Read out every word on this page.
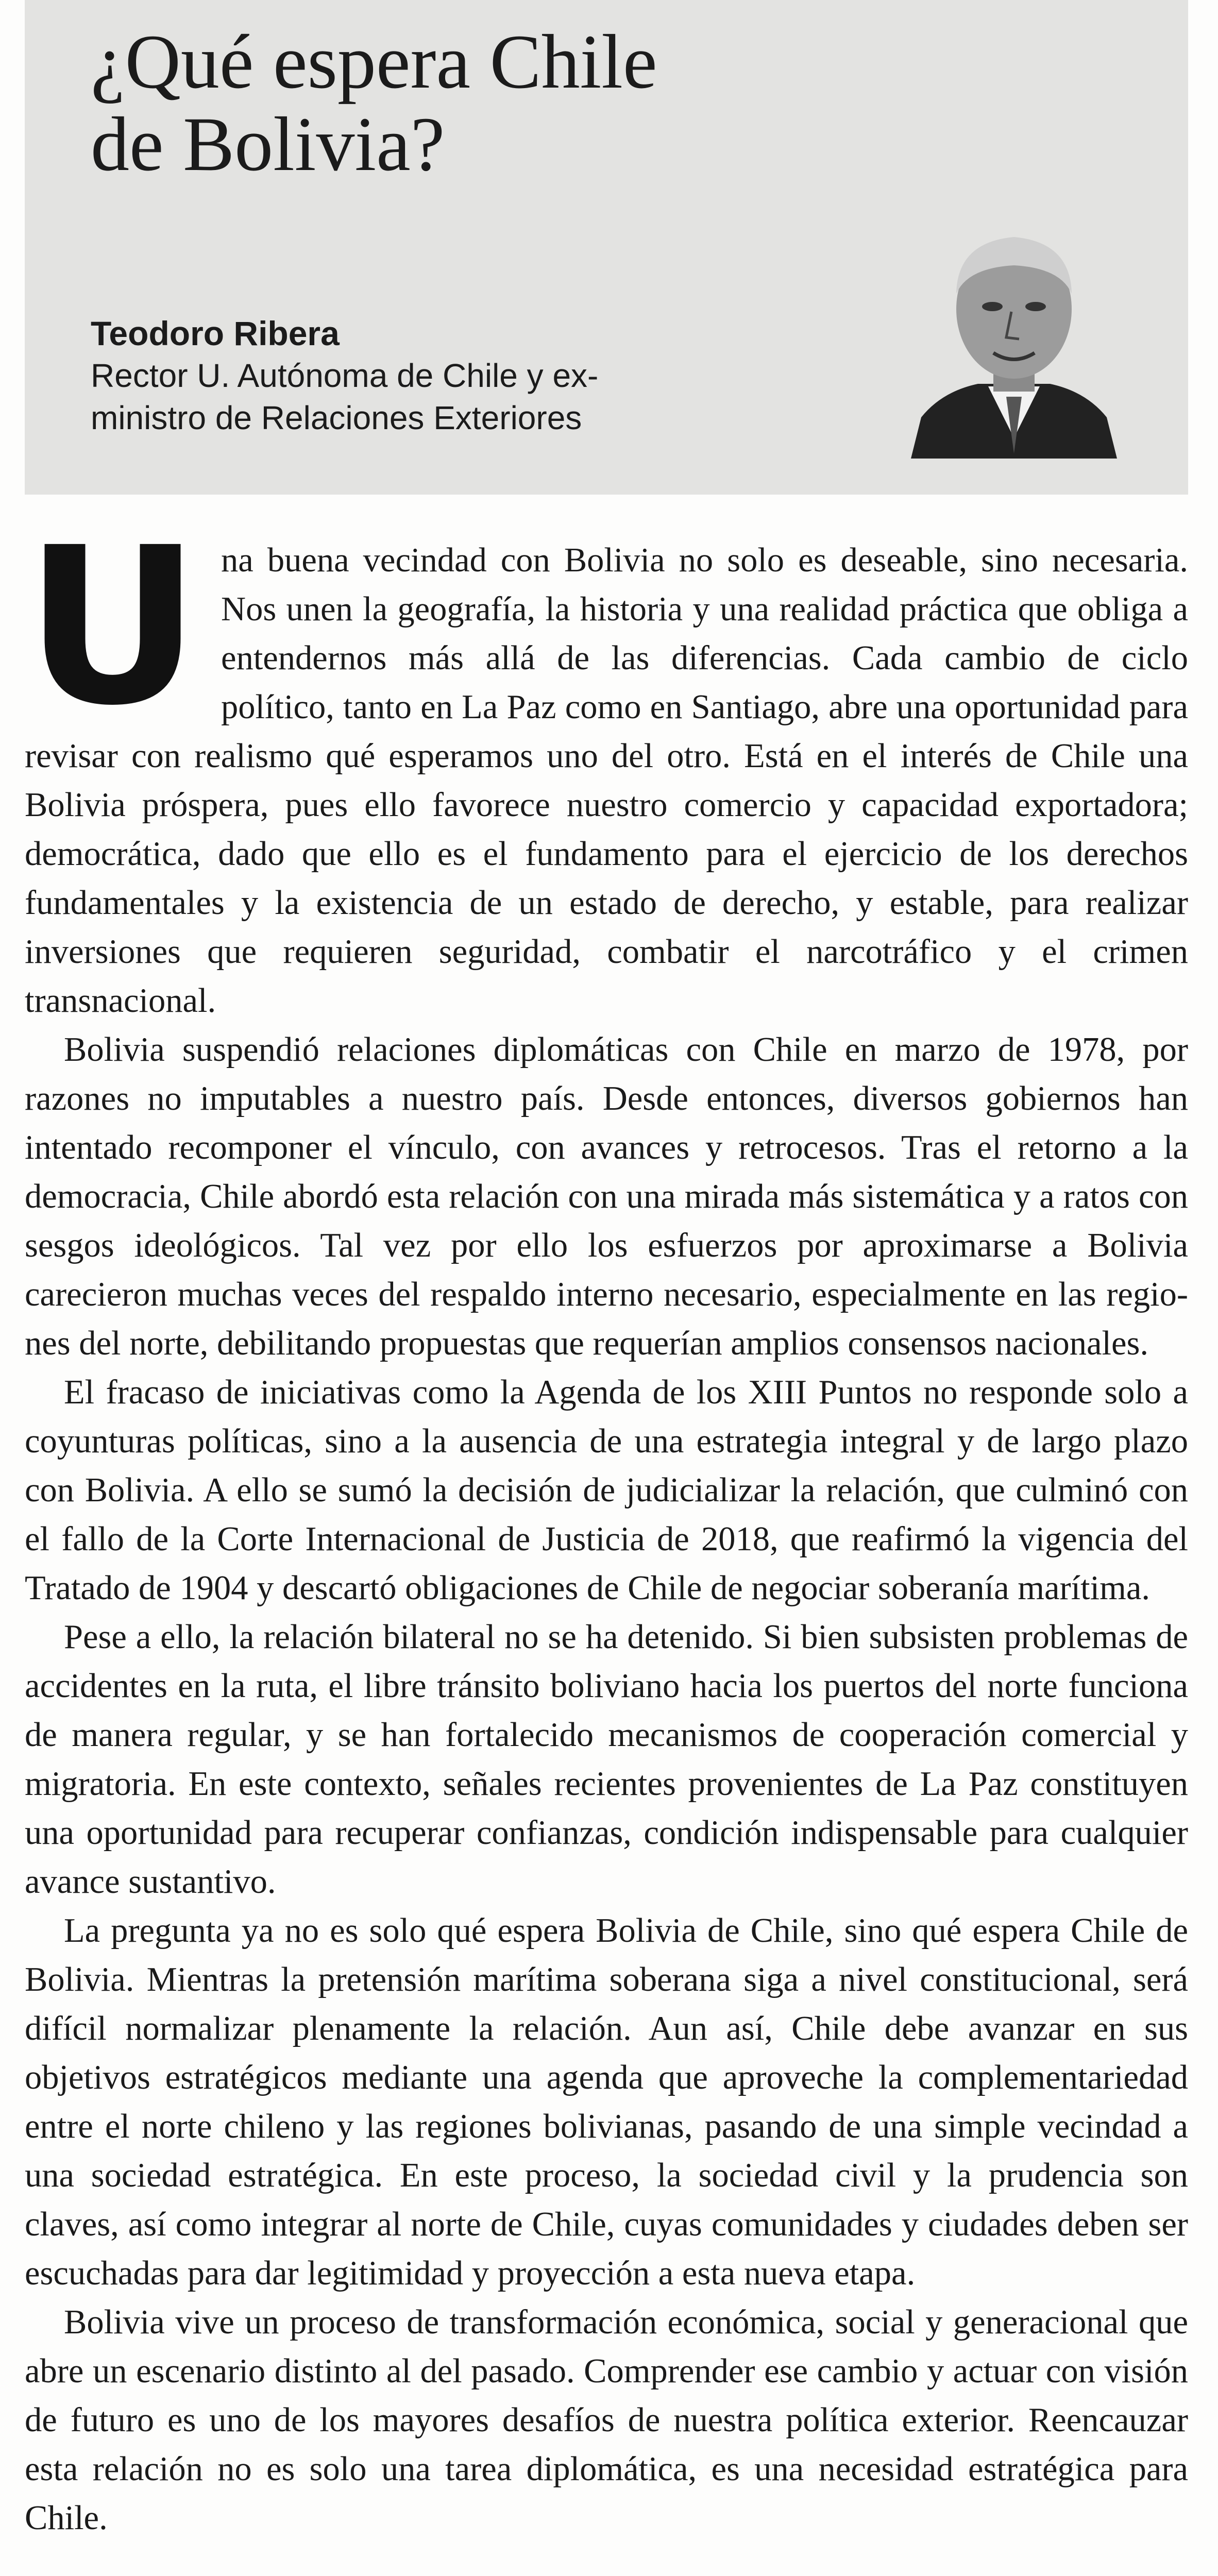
¿Qué espera Chile
de Bolivia?
Teodoro Ribera
Rector U. Autónoma de Chile y ex-
ministro de Relaciones Exteriores

Una buena vecindad con Bolivia no solo es deseable, sino necesaria. Nos unen la geografía, la historia y una realidad práctica que obliga a entendernos más allá de las diferencias. Cada cambio de ciclo político, tanto en La Paz como en Santiago, abre una oportunidad para revisar con realismo qué esperamos uno del otro. Está en el interés de Chile una Bolivia próspera, pues ello favorece nuestro comercio y capacidad exportadora; democrática, dado que ello es el fundamento para el ejercicio de los derechos fundamentales y la existencia de un estado de derecho, y estable, para realizar inversiones que requieren seguridad, combatir el narcotráfico y el crimen transnacional.

Bolivia suspendió relaciones diplomáticas con Chile en marzo de 1978, por razones no imputables a nuestro país. Desde entonces, diversos gobiernos han intentado recomponer el vínculo, con avances y retrocesos. Tras el retorno a la democracia, Chile abordó esta relación con una mirada más sistemática y a ratos con sesgos ideológicos. Tal vez por ello los esfuerzos por aproximarse a Bolivia carecieron muchas veces del respaldo interno necesario, especialmente en las regiones del norte, debilitando propuestas que requerían amplios consensos nacionales.

El fracaso de iniciativas como la Agenda de los XIII Puntos no responde solo a coyunturas políticas, sino a la ausencia de una estrategia integral y de largo plazo con Bolivia. A ello se sumó la decisión de judicializar la relación, que culminó con el fallo de la Corte Internacional de Justicia de 2018, que reafirmó la vigencia del Tratado de 1904 y descartó obligaciones de Chile de negociar soberanía marítima.

Pese a ello, la relación bilateral no se ha detenido. Si bien subsisten problemas de accidentes en la ruta, el libre tránsito boliviano hacia los puertos del norte funciona de manera regular, y se han fortalecido mecanismos de cooperación comercial y migratoria. En este contexto, señales recientes provenientes de La Paz constituyen una oportunidad para recuperar confianzas, condición indispensable para cualquier avance sustantivo.

La pregunta ya no es solo qué espera Bolivia de Chile, sino qué espera Chile de Bolivia. Mientras la pretensión marítima soberana siga a nivel constitucional, será difícil normalizar plenamente la relación. Aun así, Chile debe avanzar en sus objetivos estratégicos mediante una agenda que aproveche la complementariedad entre el norte chileno y las regiones bolivianas, pasando de una simple vecindad a una sociedad estratégica. En este proceso, la sociedad civil y la prudencia son claves, así como integrar al norte de Chile, cuyas comunidades y ciudades deben ser escuchadas para dar legitimidad y proyección a esta nueva etapa.

Bolivia vive un proceso de transformación económica, social y generacional que abre un escenario distinto al del pasado. Comprender ese cambio y actuar con visión de futuro es uno de los mayores desafíos de nuestra política exterior. Reencauzar esta relación no es solo una tarea diplomática, es una necesidad estratégica para Chile.
